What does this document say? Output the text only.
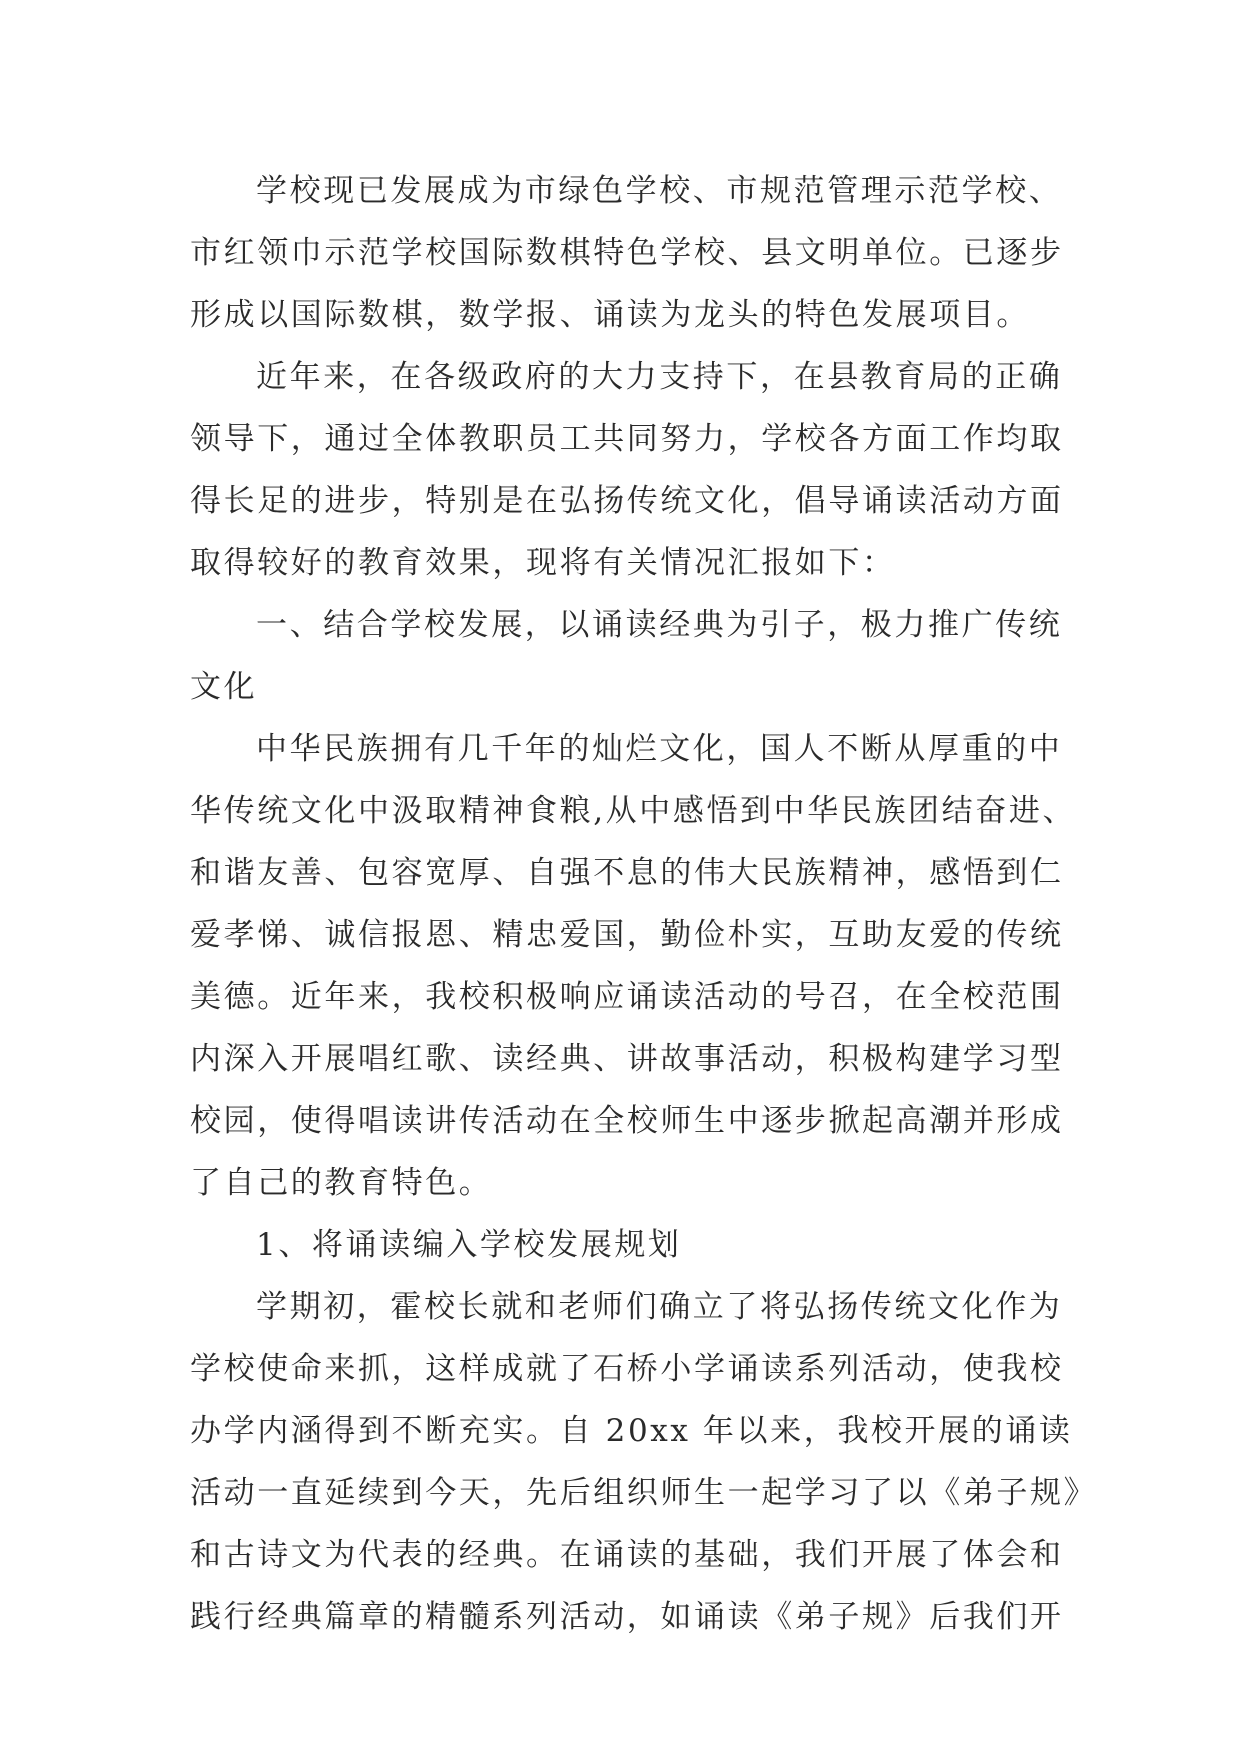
学校现已发展成为市绿色学校、市规范管理示范学校、
市红领巾示范学校国际数棋特色学校、县文明单位。已逐步
形成以国际数棋，数学报、诵读为龙头的特色发展项目。
近年来，在各级政府的大力支持下，在县教育局的正确
领导下，通过全体教职员工共同努力，学校各方面工作均取
得长足的进步，特别是在弘扬传统文化，倡导诵读活动方面
取得较好的教育效果，现将有关情况汇报如下：
一、结合学校发展，以诵读经典为引子，极力推广传统
文化
中华民族拥有几千年的灿烂文化，国人不断从厚重的中
华传统文化中汲取精神食粮,从中感悟到中华民族团结奋进、
和谐友善、包容宽厚、自强不息的伟大民族精神，感悟到仁
爱孝悌、诚信报恩、精忠爱国，勤俭朴实，互助友爱的传统
美德。近年来，我校积极响应诵读活动的号召，在全校范围
内深入开展唱红歌、读经典、讲故事活动，积极构建学习型
校园，使得唱读讲传活动在全校师生中逐步掀起高潮并形成
了自己的教育特色。
1、将诵读编入学校发展规划
学期初，霍校长就和老师们确立了将弘扬传统文化作为
学校使命来抓，这样成就了石桥小学诵读系列活动，使我校
办学内涵得到不断充实。自 20xx 年以来，我校开展的诵读
活动一直延续到今天，先后组织师生一起学习了以《弟子规》
和古诗文为代表的经典。在诵读的基础，我们开展了体会和
践行经典篇章的精髓系列活动，如诵读《弟子规》后我们开
